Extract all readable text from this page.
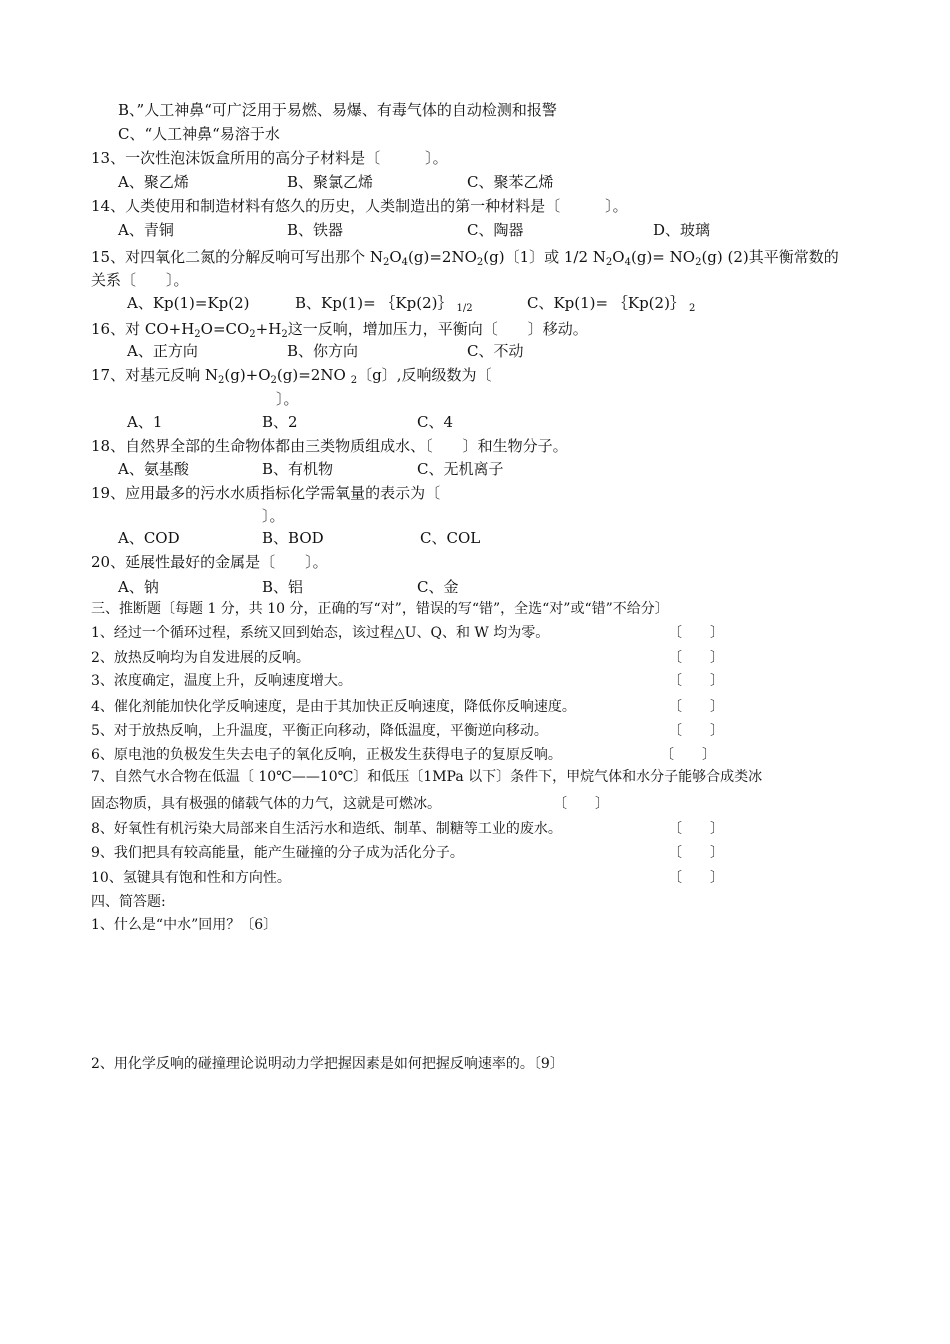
B、”人工神鼻“可广泛用于易燃、易爆、有毒气体的自动检测和报警
C、“人工神鼻“易溶于水
13、一次性泡沫饭盒所用的高分子材料是〔　　　〕。
A、聚乙烯	B、聚氯乙烯	C、聚苯乙烯
14、人类使用和制造材料有悠久的历史，人类制造出的第一种材料是〔　　　〕。
A、青铜	B、铁器	C、陶器	D、玻璃
15、对四氧化二氮的分解反响可写出那个 $N_2O_4(g)=2NO_2(g)$〔1〕或 1/2 $N_2O_4(g)= NO_2(g)$ (2)其平衡常数的
关系〔　　〕。
A、Kp(1)=Kp(2)	B、Kp(1)= ｛Kp(2)｝ $_{1/2}$	C、Kp(1)= ｛Kp(2)｝ $_2$
16、对 $CO+H_2O=CO_2+H_2$这一反响，增加压力，平衡向〔　　〕移动。
A、正方向	B、你方向	C、不动
17、对基元反响 $N_2(g)+O_2(g)=2NO$ $_2$〔g〕,反响级数为〔
〕。
A、1	B、2	C、4
18、自然界全部的生命物体都由三类物质组成水、〔　　〕和生物分子。
A、氨基酸	B、有机物	C、无机离子
19、应用最多的污水水质指标化学需氧量的表示为〔
〕。
A、COD	B、BOD	C、COL
20、延展性最好的金属是〔　　〕。
A、钠	B、铝	C、金
三、推断题〔每题 1 分，共 10 分，正确的写“对”，错误的写“错”，全选“对”或“错”不给分〕
1、经过一个循环过程，系统又回到始态，该过程△U、Q、和 W 均为零。	〔　　〕
2、放热反响均为自发进展的反响。	〔　　〕
3、浓度确定，温度上升，反响速度增大。	〔　　〕
4、催化剂能加快化学反响速度，是由于其加快正反响速度，降低你反响速度。	〔　　〕
5、对于放热反响，上升温度，平衡正向移动，降低温度，平衡逆向移动。	〔　　〕
6、原电池的负极发生失去电子的氧化反响，正极发生获得电子的复原反响。	〔　　〕
7、自然气水合物在低温〔 10℃——10℃〕和低压〔1MPa 以下〕条件下，甲烷气体和水分子能够合成类冰
固态物质，具有极强的储载气体的力气，这就是可燃冰。	〔　　〕
8、好氧性有机污染大局部来自生活污水和造纸、制革、制糖等工业的废水。	〔　　〕
9、我们把具有较高能量，能产生碰撞的分子成为活化分子。	〔　　〕
10、氢键具有饱和性和方向性。	〔　　〕
四、简答题:
1、什么是“中水”回用？〔6〕
2、用化学反响的碰撞理论说明动力学把握因素是如何把握反响速率的。〔9〕
